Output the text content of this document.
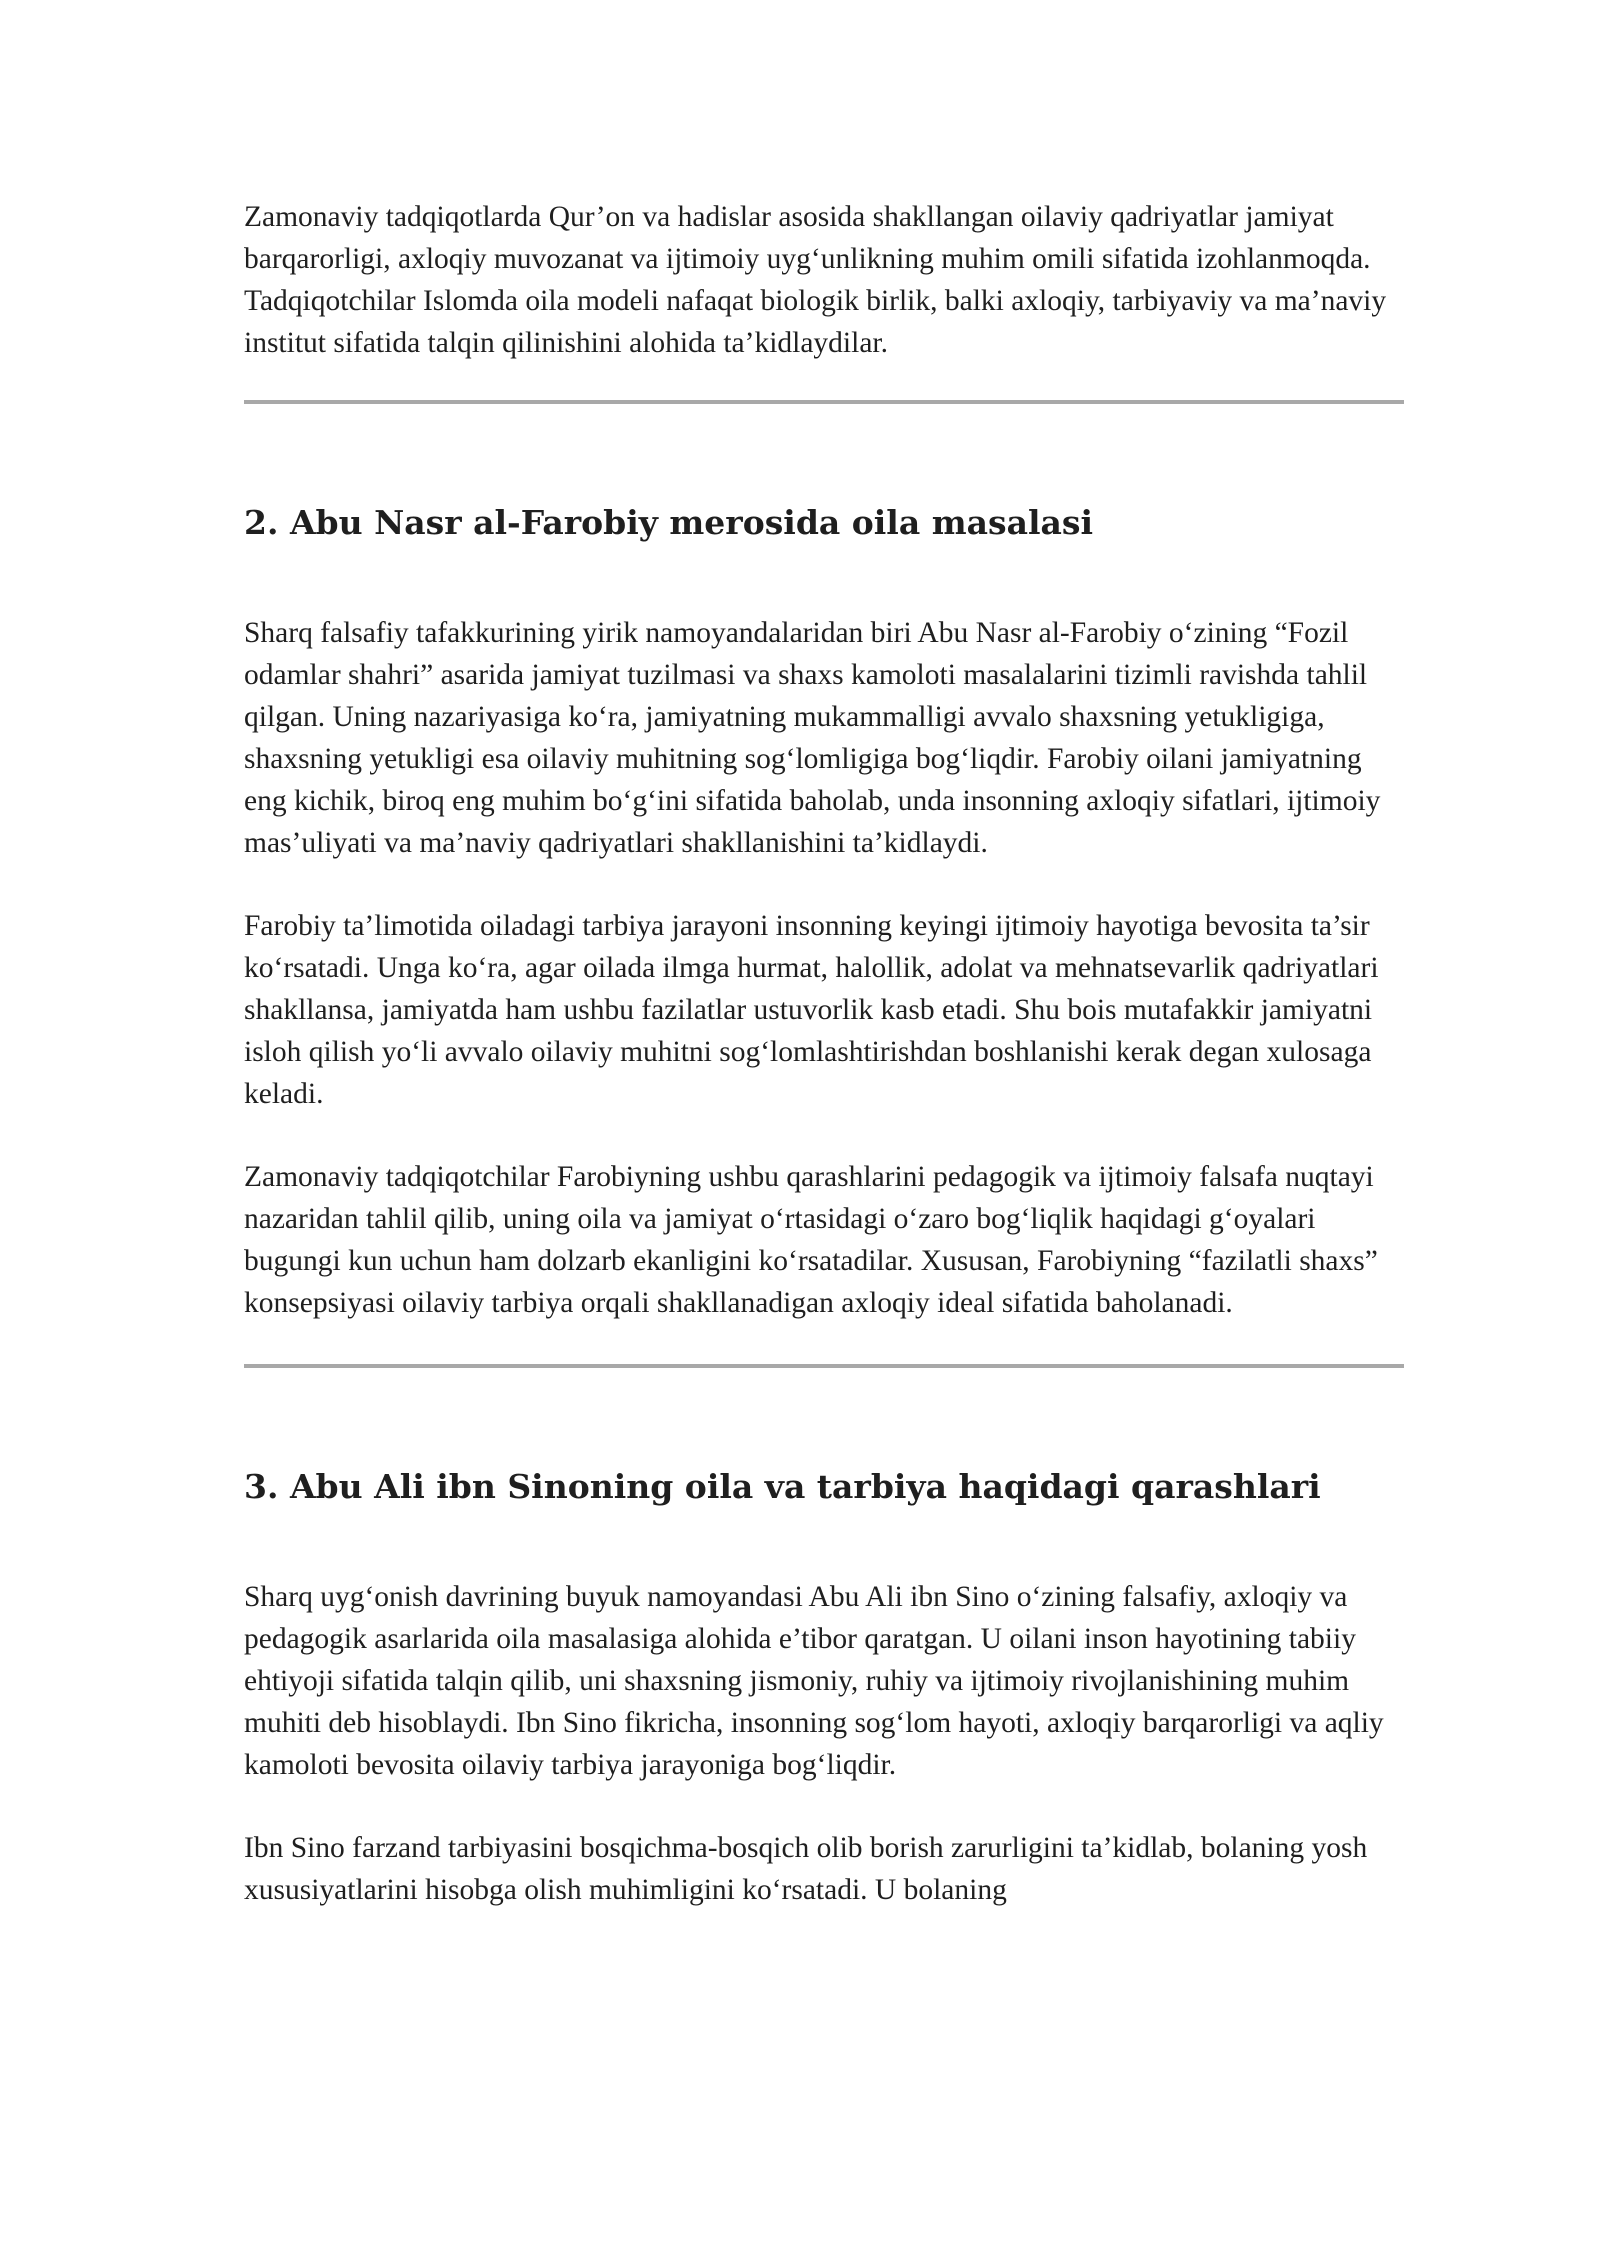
Zamonaviy tadqiqotlarda Qur’on va hadislar asosida shakllangan oilaviy qadriyatlar jamiyat barqarorligi, axloqiy muvozanat va ijtimoiy uyg‘unlikning muhim omili sifatida izohlanmoqda. Tadqiqotchilar Islomda oila modeli nafaqat biologik birlik, balki axloqiy, tarbiyaviy va ma’naviy institut sifatida talqin qilinishini alohida ta’kidlaydilar.

2. Abu Nasr al-Farobiy merosida oila masalasi

Sharq falsafiy tafakkurining yirik namoyandalaridan biri Abu Nasr al-Farobiy o‘zining “Fozil odamlar shahri” asarida jamiyat tuzilmasi va shaxs kamoloti masalalarini tizimli ravishda tahlil qilgan. Uning nazariyasiga ko‘ra, jamiyatning mukammalligi avvalo shaxsning yetukligiga, shaxsning yetukligi esa oilaviy muhitning sog‘lomligiga bog‘liqdir. Farobiy oilani jamiyatning eng kichik, biroq eng muhim bo‘g‘ini sifatida baholab, unda insonning axloqiy sifatlari, ijtimoiy mas’uliyati va ma’naviy qadriyatlari shakllanishini ta’kidlaydi.

Farobiy ta’limotida oiladagi tarbiya jarayoni insonning keyingi ijtimoiy hayotiga bevosita ta’sir ko‘rsatadi. Unga ko‘ra, agar oilada ilmga hurmat, halollik, adolat va mehnatsevarlik qadriyatlari shakllansa, jamiyatda ham ushbu fazilatlar ustuvorlik kasb etadi. Shu bois mutafakkir jamiyatni isloh qilish yo‘li avvalo oilaviy muhitni sog‘lomlashtirishdan boshlanishi kerak degan xulosaga keladi.

Zamonaviy tadqiqotchilar Farobiyning ushbu qarashlarini pedagogik va ijtimoiy falsafa nuqtayi nazaridan tahlil qilib, uning oila va jamiyat o‘rtasidagi o‘zaro bog‘liqlik haqidagi g‘oyalari bugungi kun uchun ham dolzarb ekanligini ko‘rsatadilar. Xususan, Farobiyning “fazilatli shaxs” konsepsiyasi oilaviy tarbiya orqali shakllanadigan axloqiy ideal sifatida baholanadi.

3. Abu Ali ibn Sinoning oila va tarbiya haqidagi qarashlari

Sharq uyg‘onish davrining buyuk namoyandasi Abu Ali ibn Sino o‘zining falsafiy, axloqiy va pedagogik asarlarida oila masalasiga alohida e’tibor qaratgan. U oilani inson hayotining tabiiy ehtiyoji sifatida talqin qilib, uni shaxsning jismoniy, ruhiy va ijtimoiy rivojlanishining muhim muhiti deb hisoblaydi. Ibn Sino fikricha, insonning sog‘lom hayoti, axloqiy barqarorligi va aqliy kamoloti bevosita oilaviy tarbiya jarayoniga bog‘liqdir.

Ibn Sino farzand tarbiyasini bosqichma-bosqich olib borish zarurligini ta’kidlab, bolaning yosh xususiyatlarini hisobga olish muhimligini ko‘rsatadi. U bolaning
